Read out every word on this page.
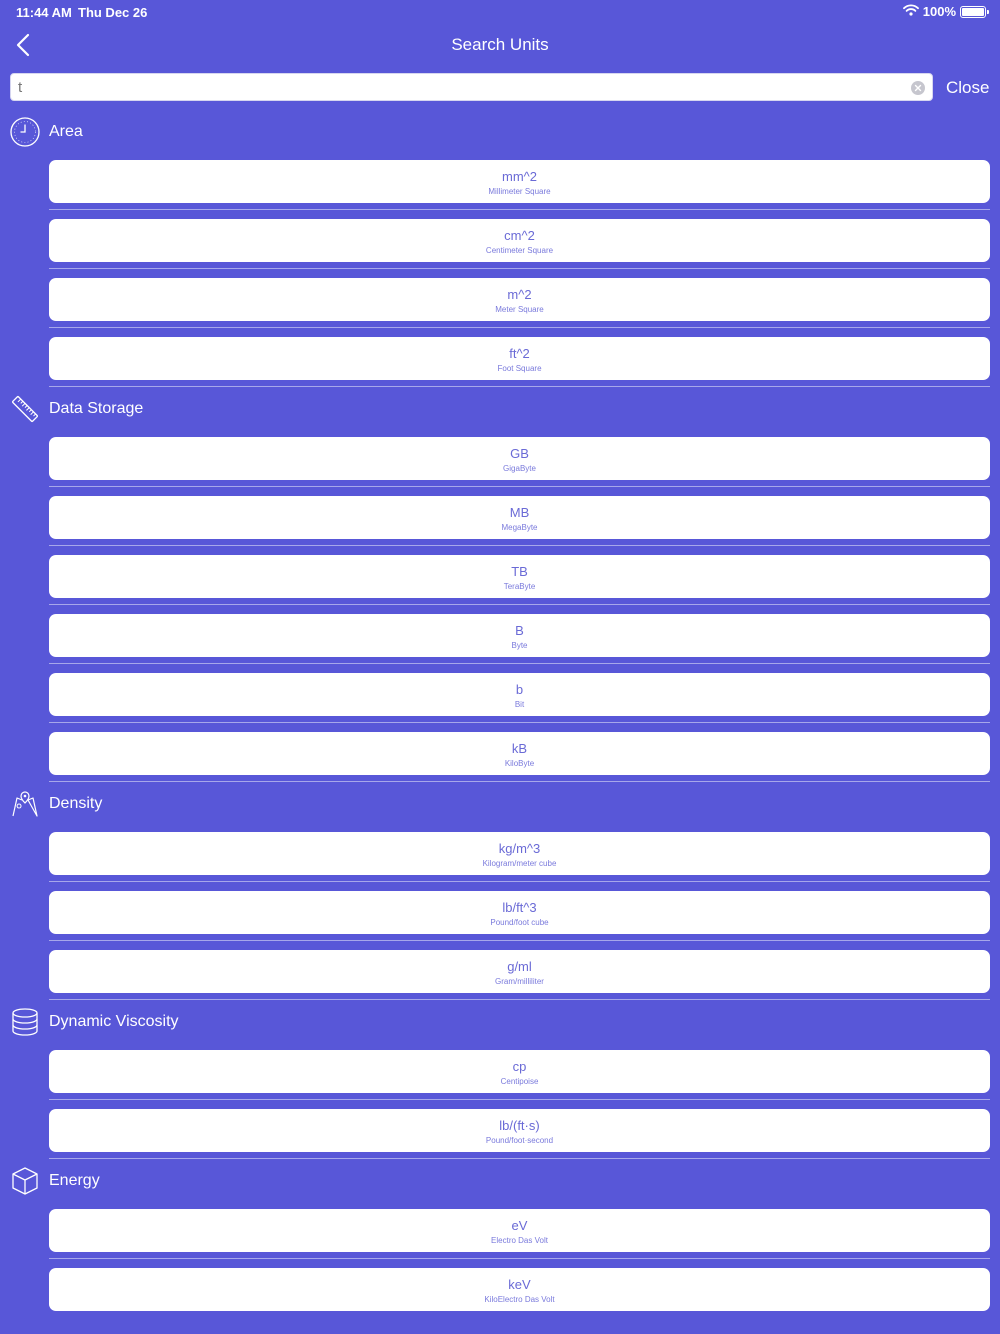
11:44 AM Thu Dec 26	100%
Search Units
t
Close
Area
mm^2
Millimeter Square
cm^2
Centimeter Square
m^2
Meter Square
ft^2
Foot Square
Data Storage
GB
GigaByte
MB
MegaByte
TB
TeraByte
B
Byte
b
Bit
kB
KiloByte
Density
kg/m^3
Kilogram/meter cube
lb/ft^3
Pound/foot cube
g/ml
Gram/milliliter
Dynamic Viscosity
cp
Centipoise
lb/(ft·s)
Pound/foot·second
Energy
eV
Electro Das Volt
keV
KiloElectro Das Volt
